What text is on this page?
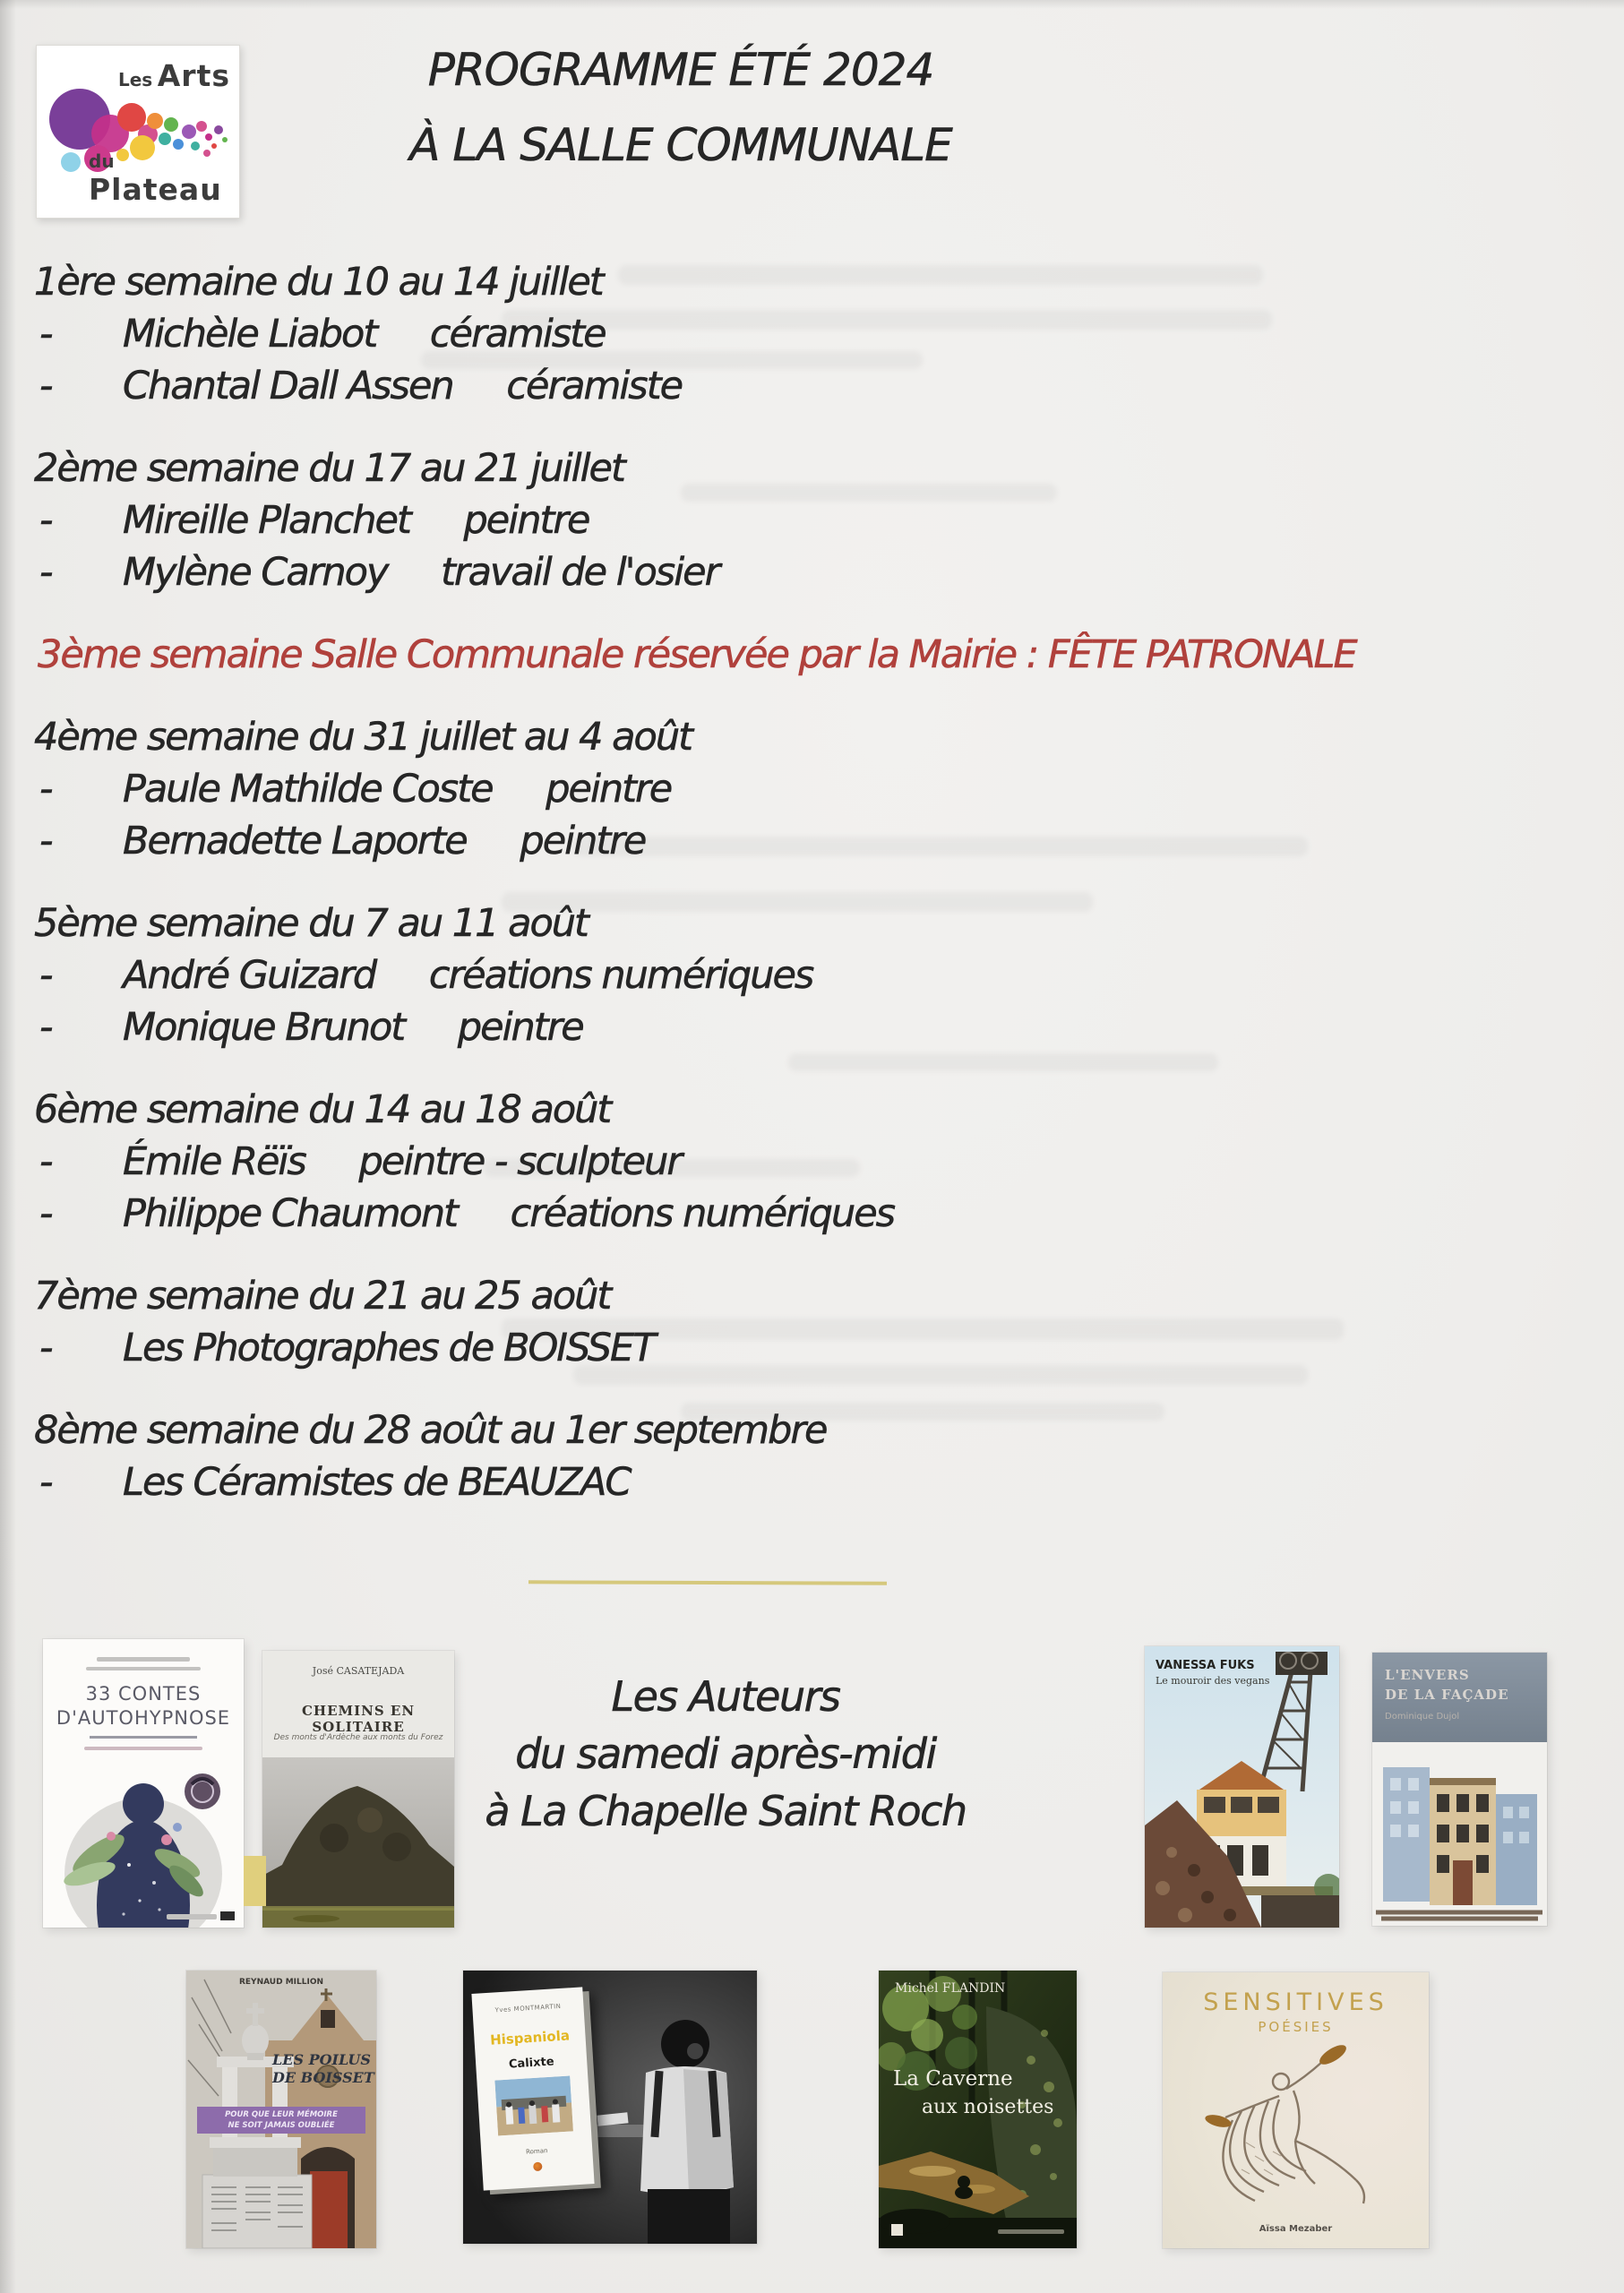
Les Arts
du Plateau
PROGRAMME ÉTÉ 2024
À LA SALLE COMMUNALE
1ère semaine du 10 au 14 juillet
- Michèle Liabot céramiste
- Chantal Dall Assen céramiste
2ème semaine du 17 au 21 juillet
- Mireille Planchet peintre
- Mylène Carnoy travail de l'osier
3ème semaine Salle Communale réservée par la Mairie : FÊTE PATRONALE
4ème semaine du 31 juillet au 4 août
- Paule Mathilde Coste peintre
- Bernadette Laporte peintre
5ème semaine du 7 au 11 août
- André Guizard créations numériques
- Monique Brunot peintre
6ème semaine du 14 au 18 août
- Émile Rëïs peintre - sculpteur
- Philippe Chaumont créations numériques
7ème semaine du 21 au 25 août
- Les Photographes de BOISSET
8ème semaine du 28 août au 1er septembre
- Les Céramistes de BEAUZAC
Les Auteurs
du samedi après-midi
à La Chapelle Saint Roch
33 CONTES
D'AUTOHYPNOSE
José CASATEJADA
CHEMINS EN SOLITAIRE
Des monts d'Ardèche aux monts du Forez
VANESSA FUKS
Le mouroir des vegans	L'ENVERS
DE LA FAÇADE
Dominique Dujol
REYNAUD MILLION
LES POILUS
DE BOISSET
POUR QUE LEUR MÉMOIRE
NE SOIT JAMAIS OUBLIÉE
Yves MONTMARTIN
Hispaniola
Calixte
Roman
Michel FLANDIN
La Caverne
aux noisettes
SENSITIVES
POÉSIES
Aïssa Mezaber
